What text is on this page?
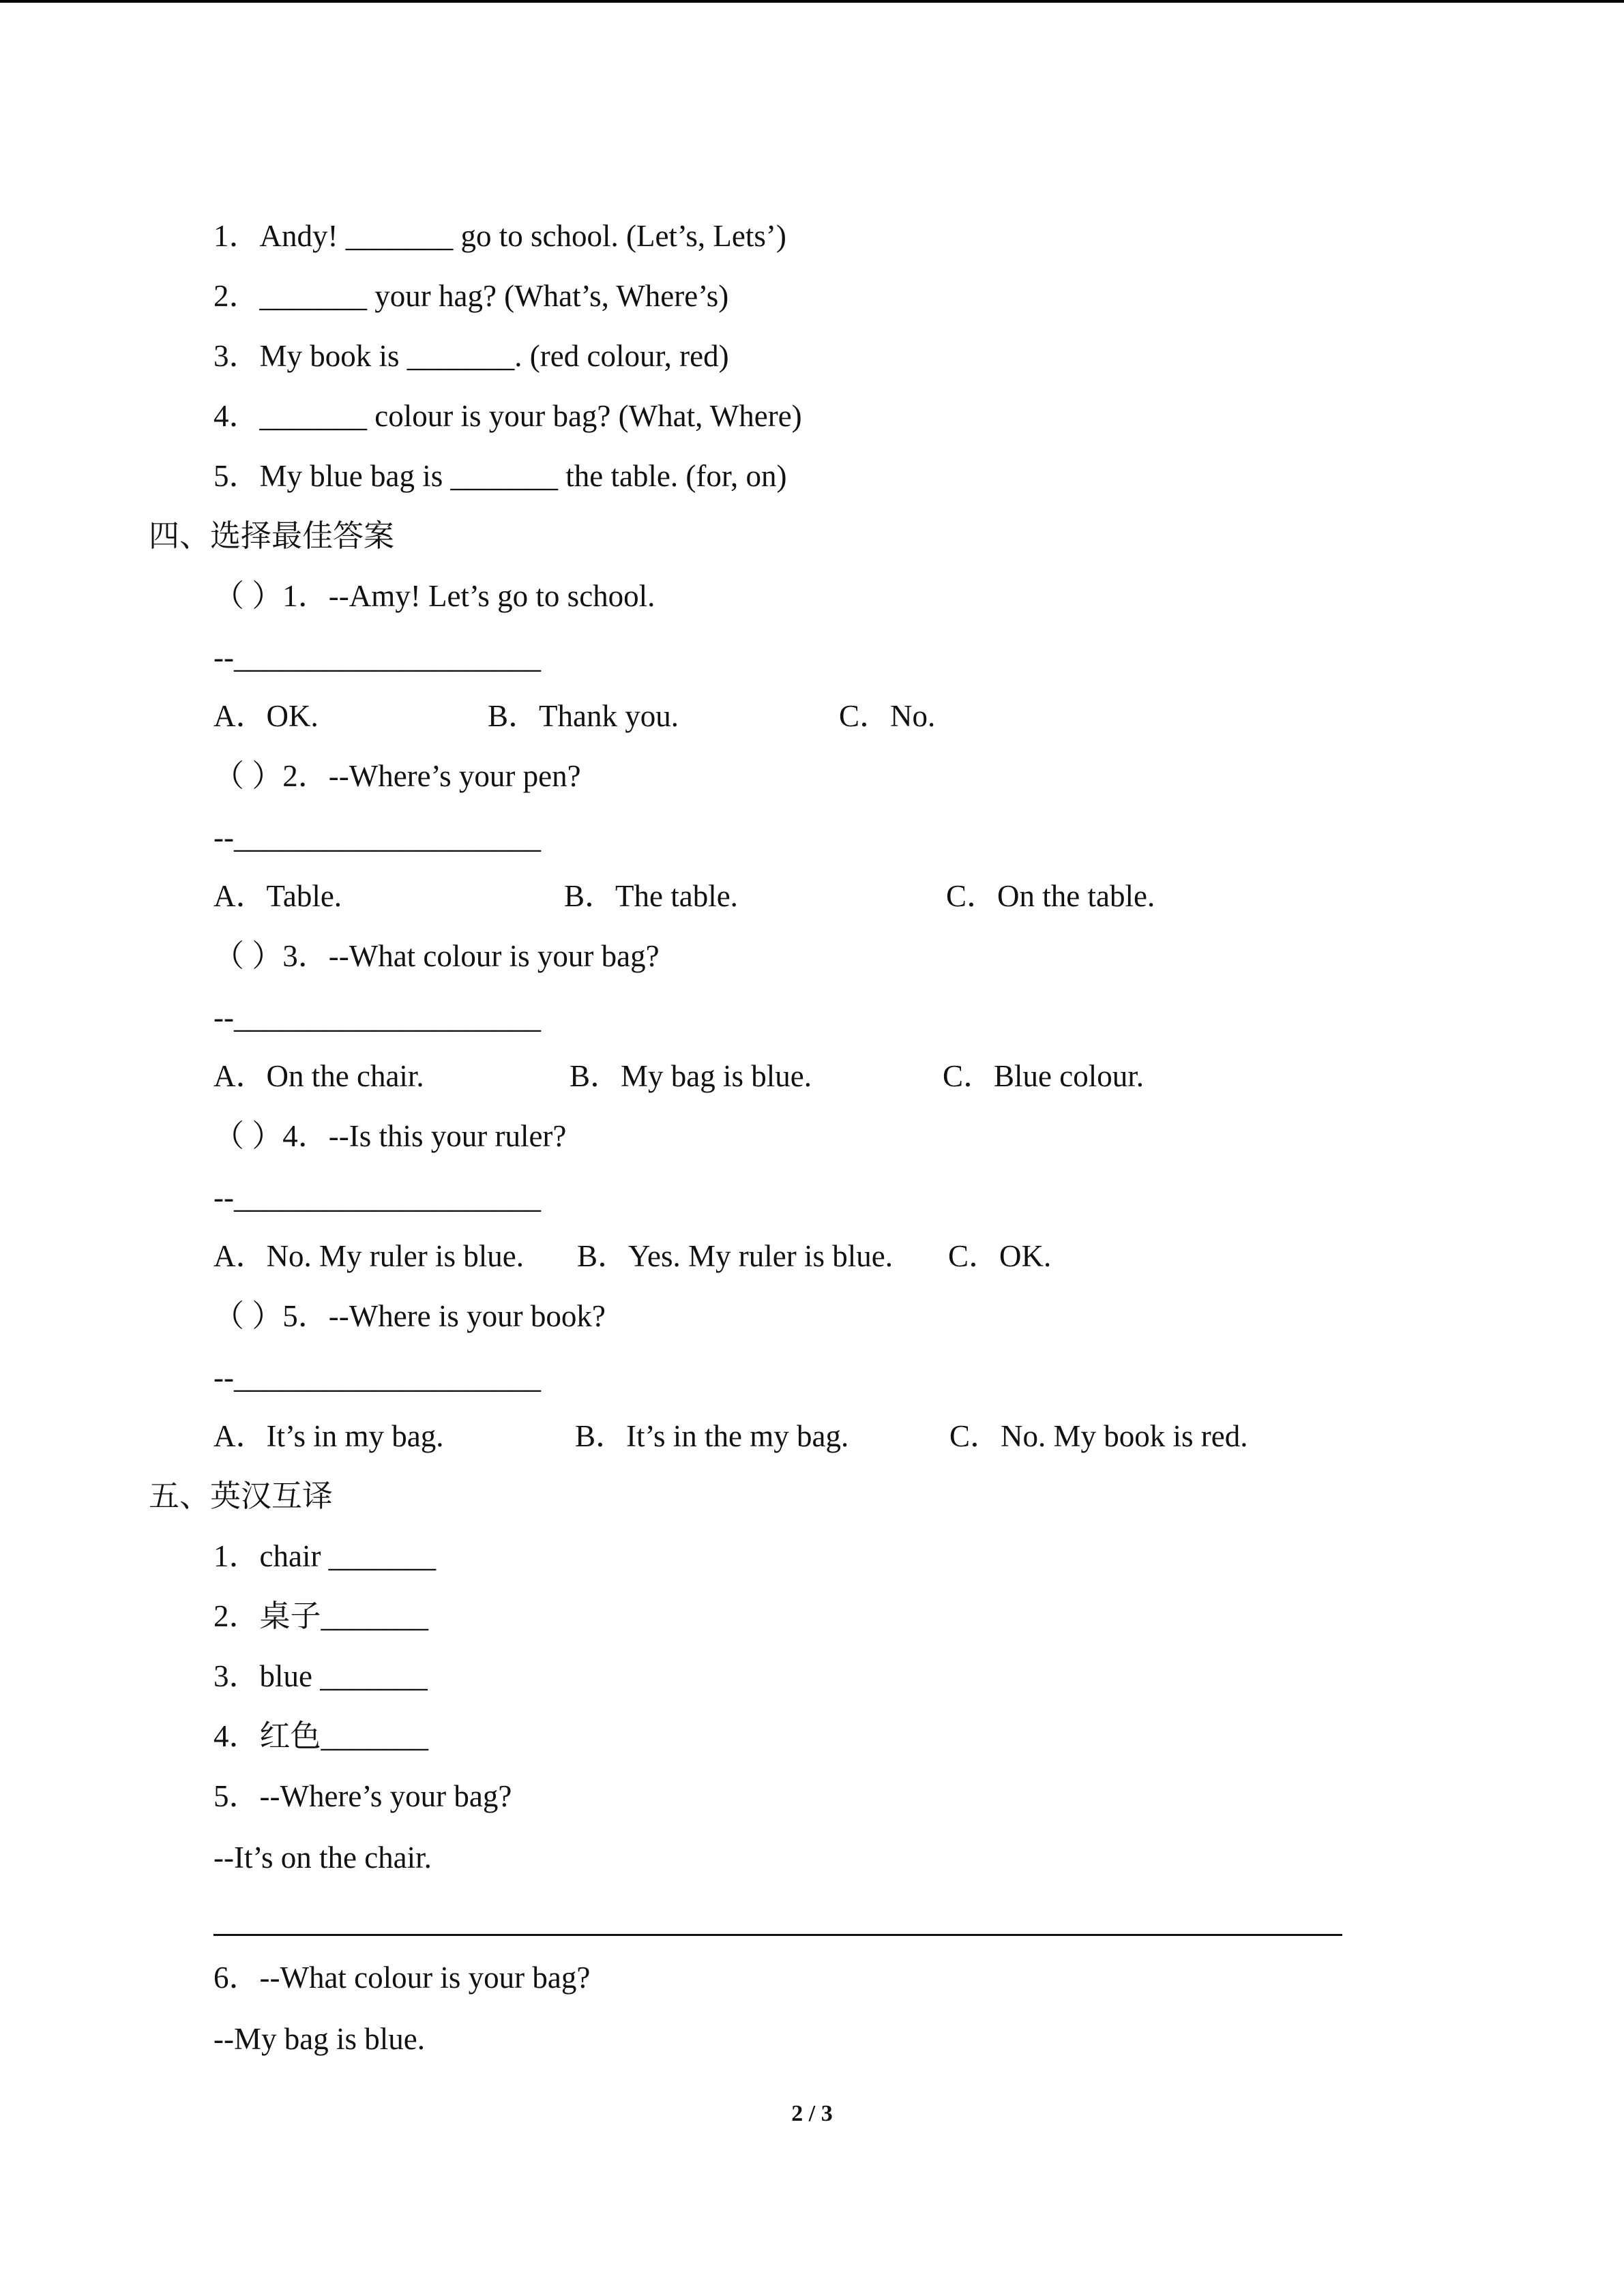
1．Andy! _______ go to school. (Let’s, Lets’)
2．_______ your hag? (What’s, Where’s)
3．My book is _______. (red colour, red)
4．_______ colour is your bag? (What, Where)
5．My blue bag is _______ the table. (for, on)
四、选择最佳答案
（ ）1．--Amy! Let’s go to school.
--____________________
A．OK.	B．Thank you.	C．No.
（ ）2．--Where’s your pen?
--____________________
A．Table.	B．The table.	C．On the table.
（ ）3．--What colour is your bag?
--____________________
A．On the chair.	B．My bag is blue.	C．Blue colour.
（ ）4．--Is this your ruler?
--____________________
A．No. My ruler is blue. B．Yes. My ruler is blue. C．OK.
（ ）5．--Where is your book?
--____________________
A．It’s in my bag.	B．It’s in the my bag.	C．No. My book is red.
五、英汉互译
1．chair _______
2．桌子_______
3．blue _______
4．红色_______
5．--Where’s your bag?
--It’s on the chair.
6．--What colour is your bag?
--My bag is blue.
2 / 3
